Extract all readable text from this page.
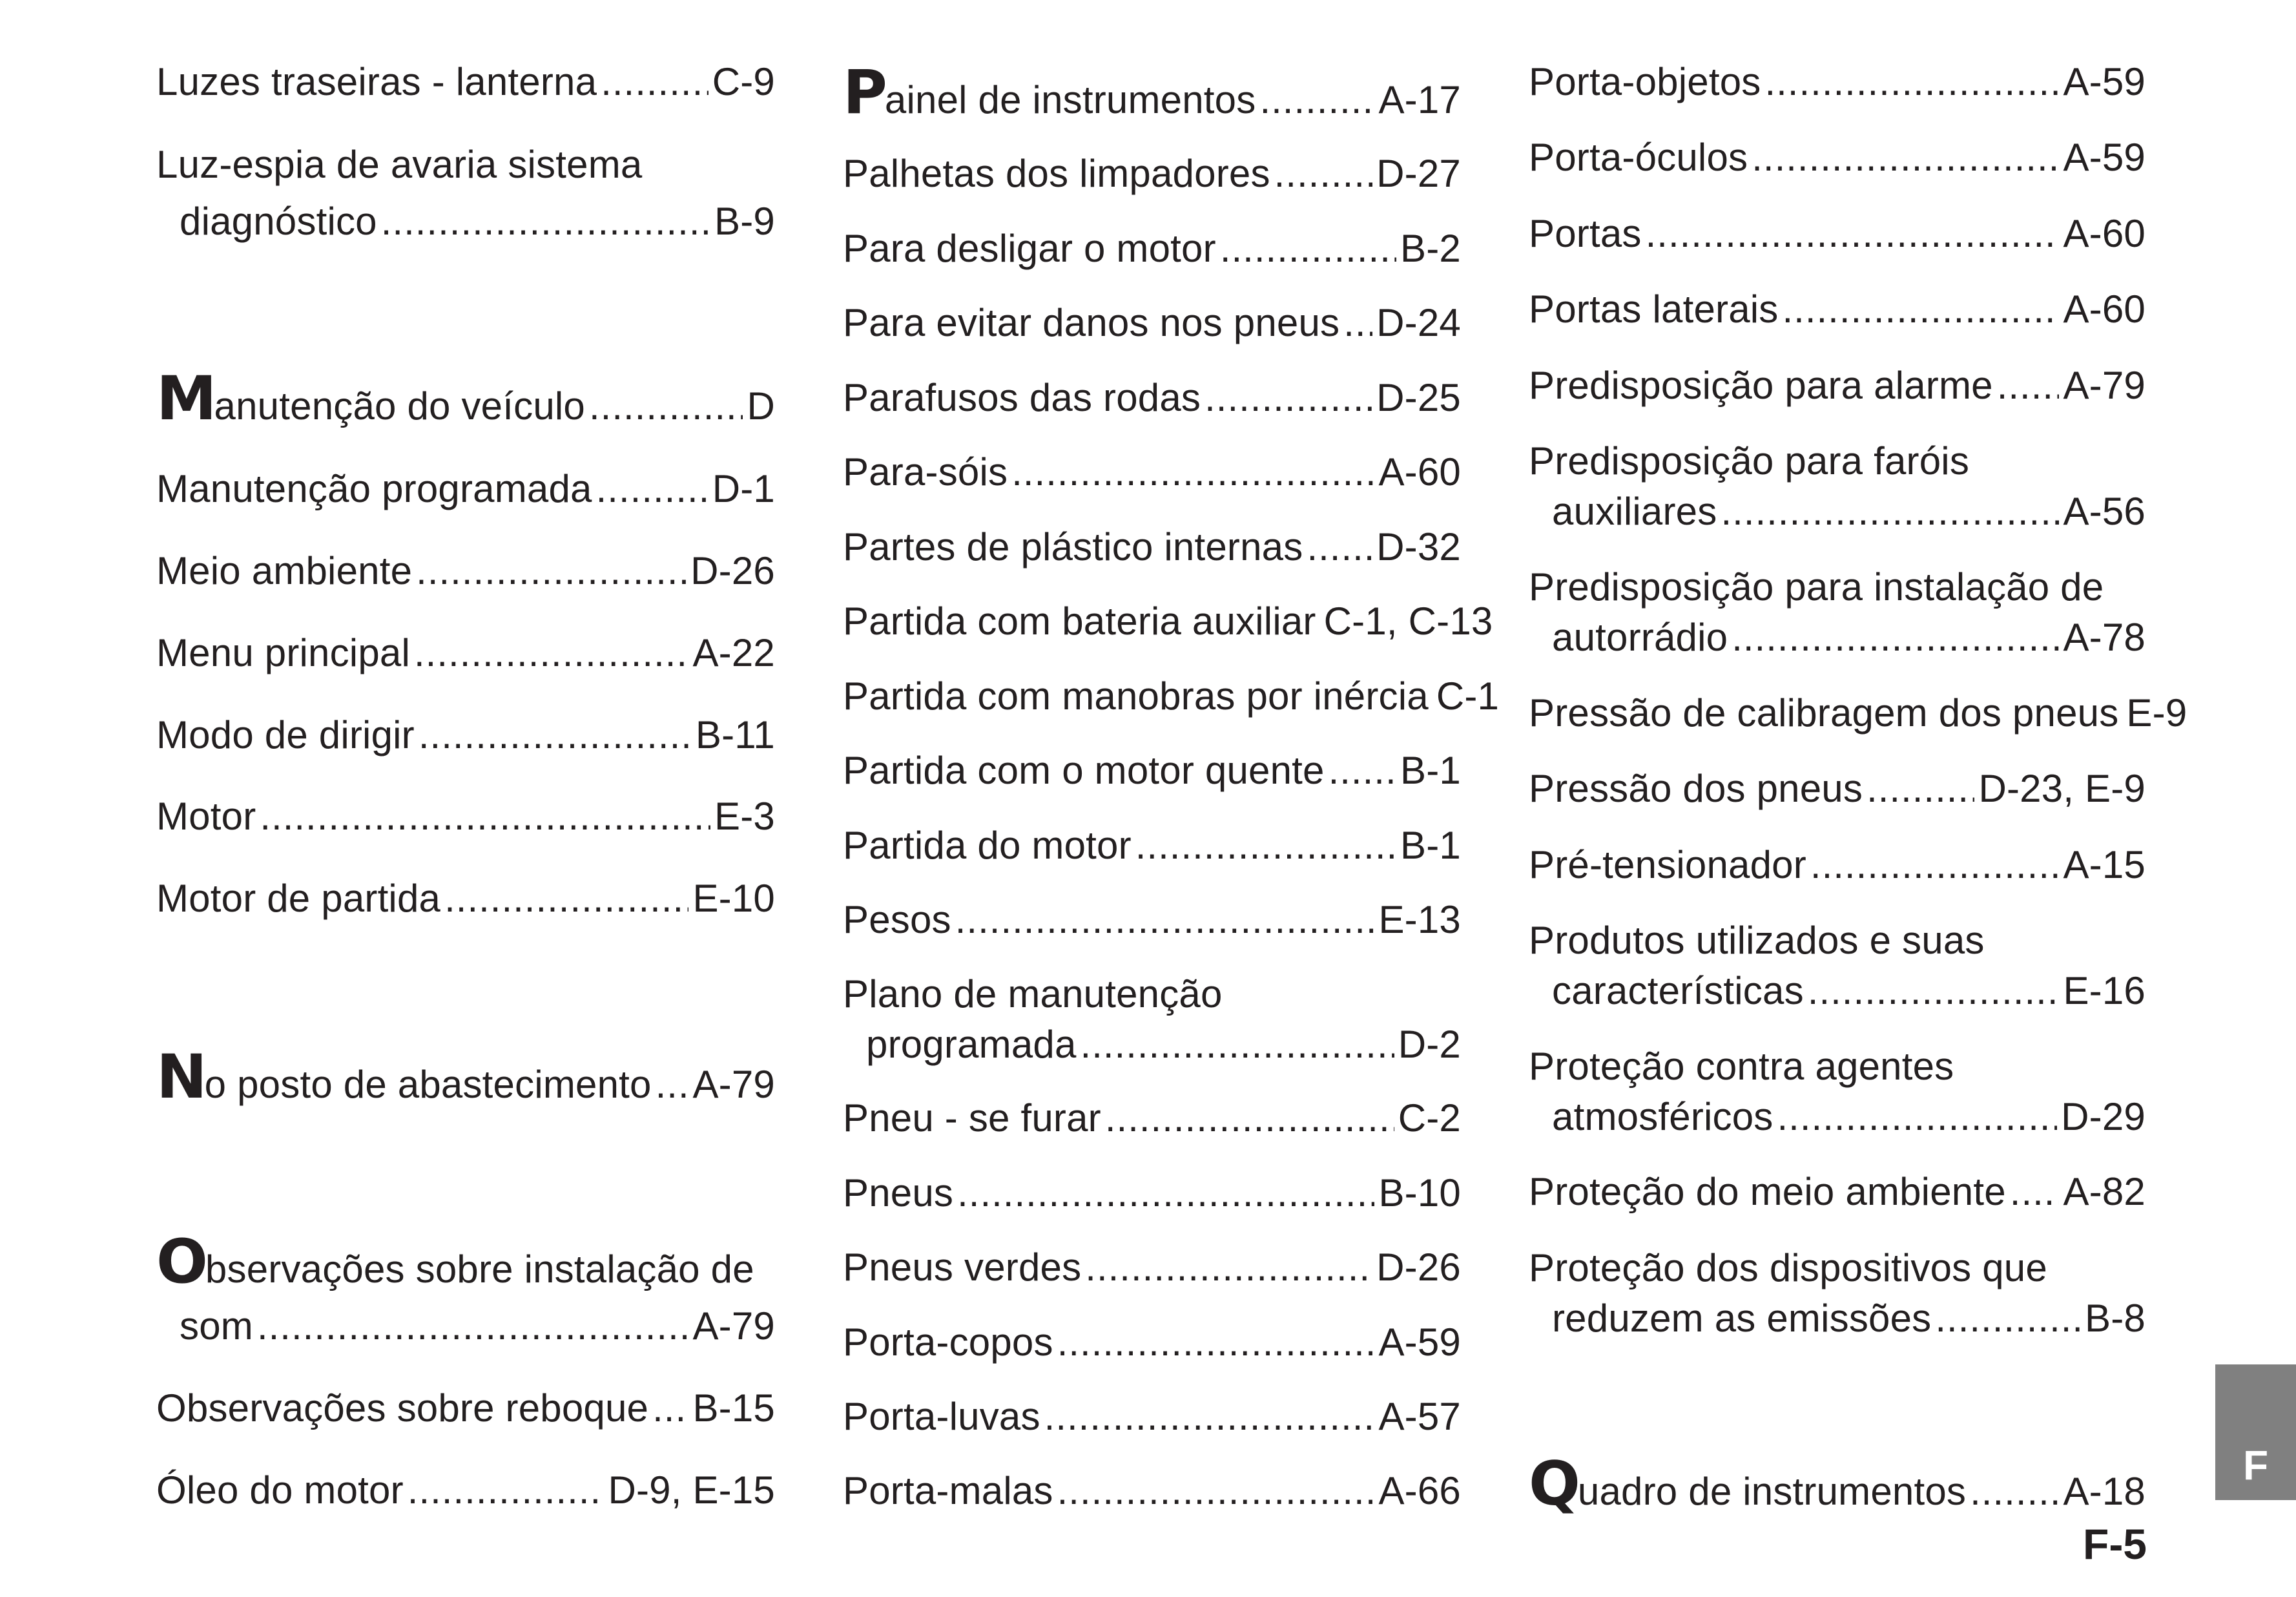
Luzes traseiras - lanterna .....	C-9
Luz-espia de avaria sistema
diagnóstico .....	B-9
M anutenção do veículo .....	D
Manutenção programada .....	D-1
Meio ambiente .....	D-26
Menu principal .....	A-22
Modo de dirigir .....	B-11
Motor .....	E-3
Motor de partida .....	E-10
N o posto de abastecimento ..... A-79
Observações sobre instalação de
som .....	A-79
Observações sobre reboque ..... B-15
Óleo do motor .....	D-9, E-15
P ainel de instrumentos .....	A-17
Palhetas dos limpadores .....	D-27
Para desligar o motor .....	B-2
Para evitar danos nos pneus ..... D-24
Parafusos das rodas .....	D-25
Para-sóis .....	A-60
Partes de plástico internas ..... D-32
Partida com bateria auxiliar C-1, C-13
Partida com manobras por inércia C-1
Partida com o motor quente ..... B-1
Partida do motor .....	B-1
Pesos .....	E-13
Plano de manutenção
programada .....	D-2
Pneu - se furar .....	C-2
Pneus .....	B-10
Pneus verdes .....	D-26
Porta-copos .....	A-59
Porta-luvas .....	A-57
Porta-malas .....	A-66
Porta-objetos .....	A-59
Porta-óculos .....	A-59
Portas .....	A-60
Portas laterais .....	A-60
Predisposição para alarme ..... A-79
Predisposição para faróis
auxiliares .....	A-56
Predisposição para instalação de
autorrádio .....	A-78
Pressão de calibragem dos pneus E-9
Pressão dos pneus .....	D-23, E-9
Pré-tensionador .....	A-15
Produtos utilizados e suas
características .....	E-16
Proteção contra agentes
atmosféricos .....	D-29
Proteção do meio ambiente ..... A-82
Proteção dos dispositivos que
reduzem as emissões .....	B-8
Q uadro de instrumentos .....	A-18
F
F-5
